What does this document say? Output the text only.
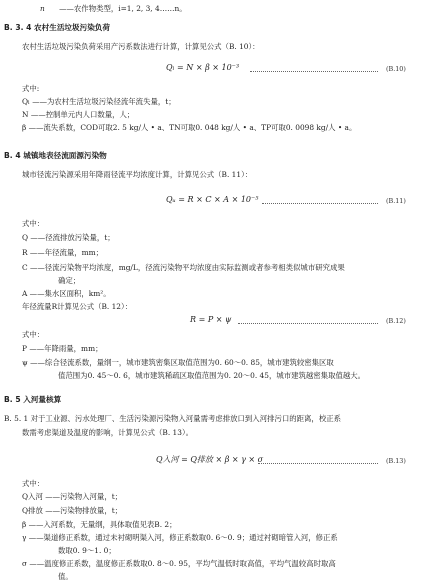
n ——农作物类型，i=1, 2, 3, 4……n。
B. 3. 4 农村生活垃圾污染负荷
农村生活垃圾污染负荷采用产污系数法进行计算，计算见公式（B. 10）：
Qₗ = N × β × 10⁻³	(B.10)
式中:
Qₗ ——为农村生活垃圾污染径流年流失量，t；
N ——控制单元内人口数量，人；
β ——流失系数，COD可取2. 5 kg/人 • a、TN可取0. 048 kg/人 • a、TP可取0. 0098 kg/人 • a。
B. 4 城镇地表径流面源污染物
城市径流污染源采用年降雨径流平均浓度计算，计算见公式（B. 11）：
Qᵤ = R × C × A × 10⁻⁵	(B.11)
式中：
Q ——径流排放污染量，t；
R ——年径流量，mm；
C ——径流污染物平均浓度，mg/L，径流污染物平均浓度由实际监测或者参考相类似城市研究成果
确定；
A ——集水区面积，km²。
年径流量R计算见公式（B. 12）：
R = P × ψ	(B.12)
式中：
P ——年降雨量，mm；
ψ ——综合径流系数，量纲一，城市建筑密集区取值范围为0. 60～0. 85，城市建筑较密集区取
值范围为0. 45～0. 6，城市建筑稀疏区取值范围为0. 20～0. 45，城市建筑越密集取值越大。
B. 5 入河量核算
B. 5. 1 对于工业源、污水处理厂、生活污染源污染物入河量需考虑排放口到入河排污口的距离，校正系
数需考虑渠道及温度的影响，计算见公式（B. 13）。
Q入河 = Q排放 × β × γ × σ	(B.13)
式中：
Q入河 ——污染物入河量，t；
Q排放 ——污染物排放量，t；
β ——入河系数，无量纲，具体取值见表B. 2；
γ ——渠道修正系数，通过未衬砌明渠入河，修正系数取0. 6～0. 9；通过衬砌暗管入河，修正系
数取0. 9～1. 0；
σ ——温度修正系数，温度修正系数取0. 8～0. 95，平均气温低时取高值，平均气温较高时取高
值。
